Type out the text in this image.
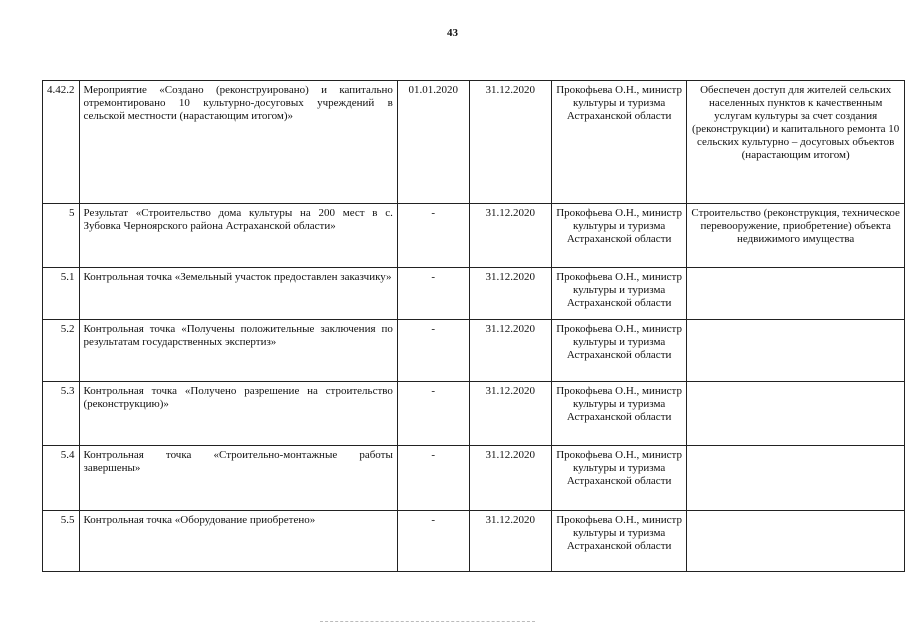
43
4.42.2	Мероприятие «Создано (реконструировано) и капитально отремонтировано 10 культурно-досуговых учреждений в сельской местности (нарастающим итогом)»	01.01.2020	31.12.2020	Прокофьева О.Н., министр культуры и туризма Астраханской области	Обеспечен доступ для жителей сельских населенных пунктов к качественным услугам культуры за счет создания (реконструкции) и капитального ремонта 10 сельских культурно – досуговых объектов (нарастающим итогом)
5	Результат «Строительство дома культуры на 200 мест в с. Зубовка Черноярского района Астраханской области»	-	31.12.2020	Прокофьева О.Н., министр культуры и туризма Астраханской области	Строительство (реконструкция, техническое перевооружение, приобретение) объекта недвижимого имущества
5.1	Контрольная точка «Земельный участок предоставлен заказчику»	-	31.12.2020	Прокофьева О.Н., министр культуры и туризма Астраханской области	
5.2	Контрольная точка «Получены положительные заключения по результатам государственных экспертиз»	-	31.12.2020	Прокофьева О.Н., министр культуры и туризма Астраханской области	
5.3	Контрольная точка «Получено разрешение на строительство (реконструкцию)»	-	31.12.2020	Прокофьева О.Н., министр культуры и туризма Астраханской области	
5.4	Контрольная точка «Строительно-монтажные работы завершены»	-	31.12.2020	Прокофьева О.Н., министр культуры и туризма Астраханской области	
5.5	Контрольная точка «Оборудование приобретено»	-	31.12.2020	Прокофьева О.Н., министр культуры и туризма Астраханской области	
